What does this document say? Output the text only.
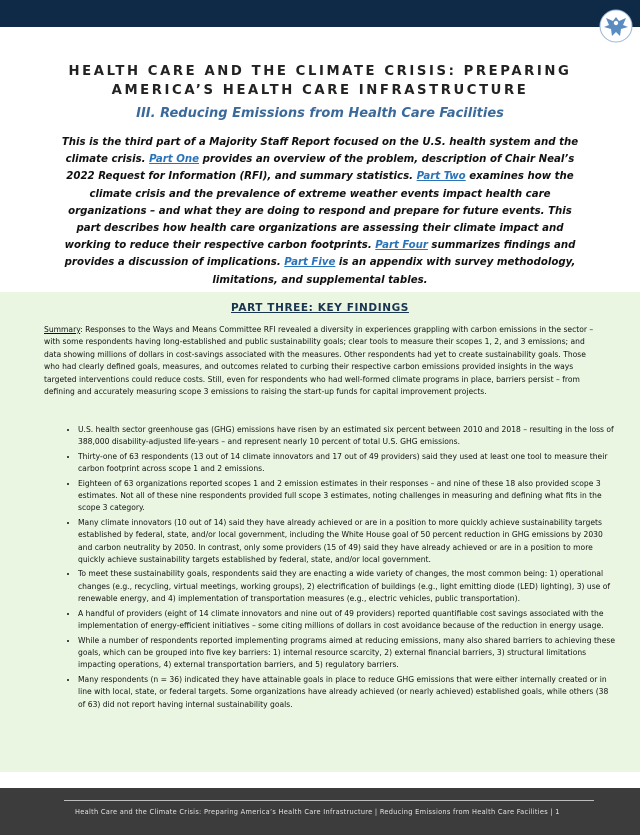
HEALTH CARE AND THE CLIMATE CRISIS: PREPARING AMERICA’S HEALTH CARE INFRASTRUCTURE
III. Reducing Emissions from Health Care Facilities
This is the third part of a Majority Staff Report focused on the U.S. health system and the climate crisis. Part One provides an overview of the problem, description of Chair Neal’s 2022 Request for Information (RFI), and summary statistics. Part Two examines how the climate crisis and the prevalence of extreme weather events impact health care organizations – and what they are doing to respond and prepare for future events. This part describes how health care organizations are assessing their climate impact and working to reduce their respective carbon footprints. Part Four summarizes findings and provides a discussion of implications. Part Five is an appendix with survey methodology, limitations, and supplemental tables.
PART THREE: KEY FINDINGS
Summary: Responses to the Ways and Means Committee RFI revealed a diversity in experiences grappling with carbon emissions in the sector – with some respondents having long-established and public sustainability goals; clear tools to measure their scopes 1, 2, and 3 emissions; and data showing millions of dollars in cost-savings associated with the measures. Other respondents had yet to create sustainability goals. Those who had clearly defined goals, measures, and outcomes related to curbing their respective carbon emissions provided insights in the ways targeted interventions could reduce costs. Still, even for respondents who had well-formed climate programs in place, barriers persist – from defining and accurately measuring scope 3 emissions to raising the start-up funds for capital improvement projects.
• U.S. health sector greenhouse gas (GHG) emissions have risen by an estimated six percent between 2010 and 2018 – resulting in the loss of 388,000 disability-adjusted life-years – and represent nearly 10 percent of total U.S. GHG emissions.
• Thirty-one of 63 respondents (13 out of 14 climate innovators and 17 out of 49 providers) said they used at least one tool to measure their carbon footprint across scope 1 and 2 emissions.
• Eighteen of 63 organizations reported scopes 1 and 2 emission estimates in their responses – and nine of these 18 also provided scope 3 estimates. Not all of these nine respondents provided full scope 3 estimates, noting challenges in measuring and defining what fits in the scope 3 category.
• Many climate innovators (10 out of 14) said they have already achieved or are in a position to more quickly achieve sustainability targets established by federal, state, and/or local government, including the White House goal of 50 percent reduction in GHG emissions by 2030 and carbon neutrality by 2050. In contrast, only some providers (15 of 49) said they have already achieved or are in a position to more quickly achieve sustainability targets established by federal, state, and/or local government.
• To meet these sustainability goals, respondents said they are enacting a wide variety of changes, the most common being: 1) operational changes (e.g., recycling, virtual meetings, working groups), 2) electrification of buildings (e.g., light emitting diode (LED) lighting), 3) use of renewable energy, and 4) implementation of transportation measures (e.g., electric vehicles, public transportation).
• A handful of providers (eight of 14 climate innovators and nine out of 49 providers) reported quantifiable cost savings associated with the implementation of energy-efficient initiatives – some citing millions of dollars in cost avoidance because of the reduction in energy usage.
• While a number of respondents reported implementing programs aimed at reducing emissions, many also shared barriers to achieving these goals, which can be grouped into five key barriers: 1) internal resource scarcity, 2) external financial barriers, 3) structural limitations impacting operations, 4) external transportation barriers, and 5) regulatory barriers.
• Many respondents (n = 36) indicated they have attainable goals in place to reduce GHG emissions that were either internally created or in line with local, state, or federal targets. Some organizations have already achieved (or nearly achieved) established goals, while others (38 of 63) did not report having internal sustainability goals.
Health Care and the Climate Crisis: Preparing America’s Health Care Infrastructure | Reducing Emissions from Health Care Facilities | 1
